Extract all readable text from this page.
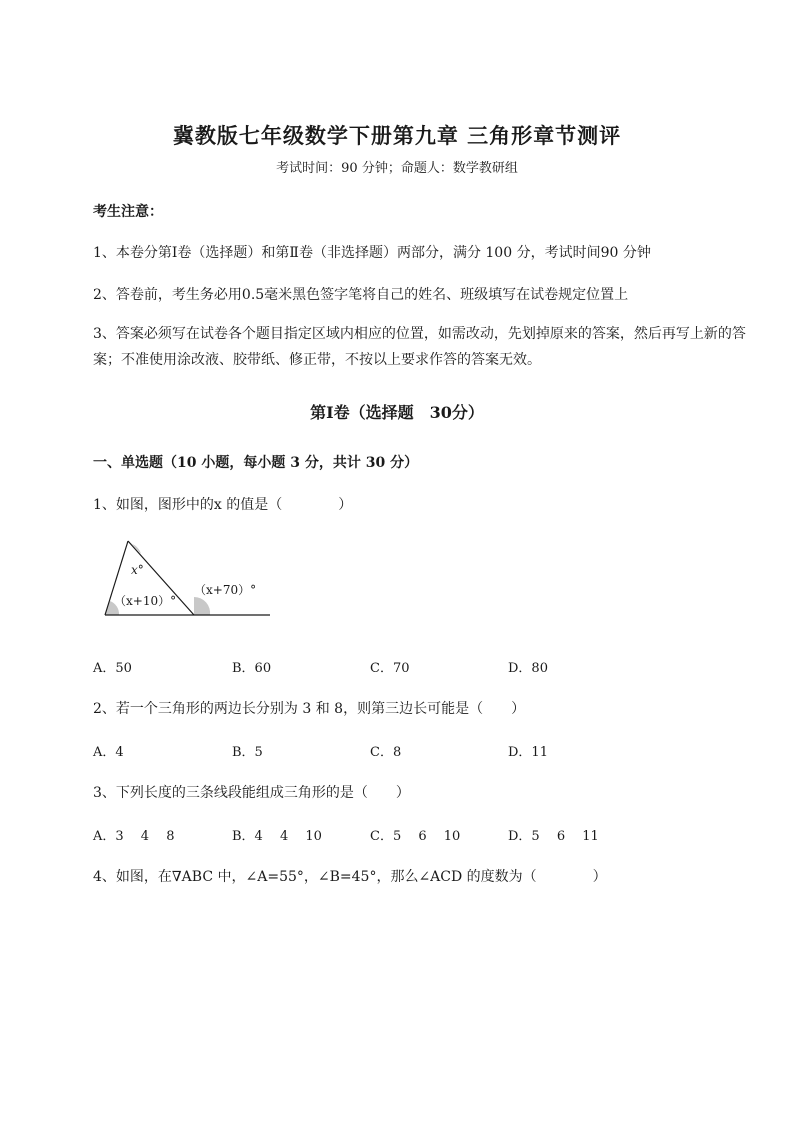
冀教版七年级数学下册第九章 三角形章节测评
考试时间：90 分钟；命题人：数学教研组
考生注意：
1、本卷分第Ⅰ卷（选择题）和第Ⅱ卷（非选择题）两部分，满分 100 分，考试时间90 分钟
2、答卷前，考生务必用0.5毫米黑色签字笔将自己的姓名、班级填写在试卷规定位置上
3、答案必须写在试卷各个题目指定区域内相应的位置，如需改动，先划掉原来的答案，然后再写上新的答案；不准使用涂改液、胶带纸、修正带，不按以上要求作答的答案无效。
第Ⅰ卷（选择题　30分）
一、单选题（10 小题，每小题 3 分，共计 30 分）
1、如图，图形中的x 的值是（　　　　）
x°
（x+10）°
（x+70）°
A．50	B．60	C．70	D．80
2、若一个三角形的两边长分别为 3 和 8，则第三边长可能是（　　）
A．4	B．5	C．8	D．11
3、下列长度的三条线段能组成三角形的是（　　）
A．3　 4　 8	B．4　 4　 10	C．5　 6　 10	D．5　 6　 11
4、如图，在∇ABC 中，∠A=55°，∠B=45°，那么∠ACD 的度数为（　　　　）
